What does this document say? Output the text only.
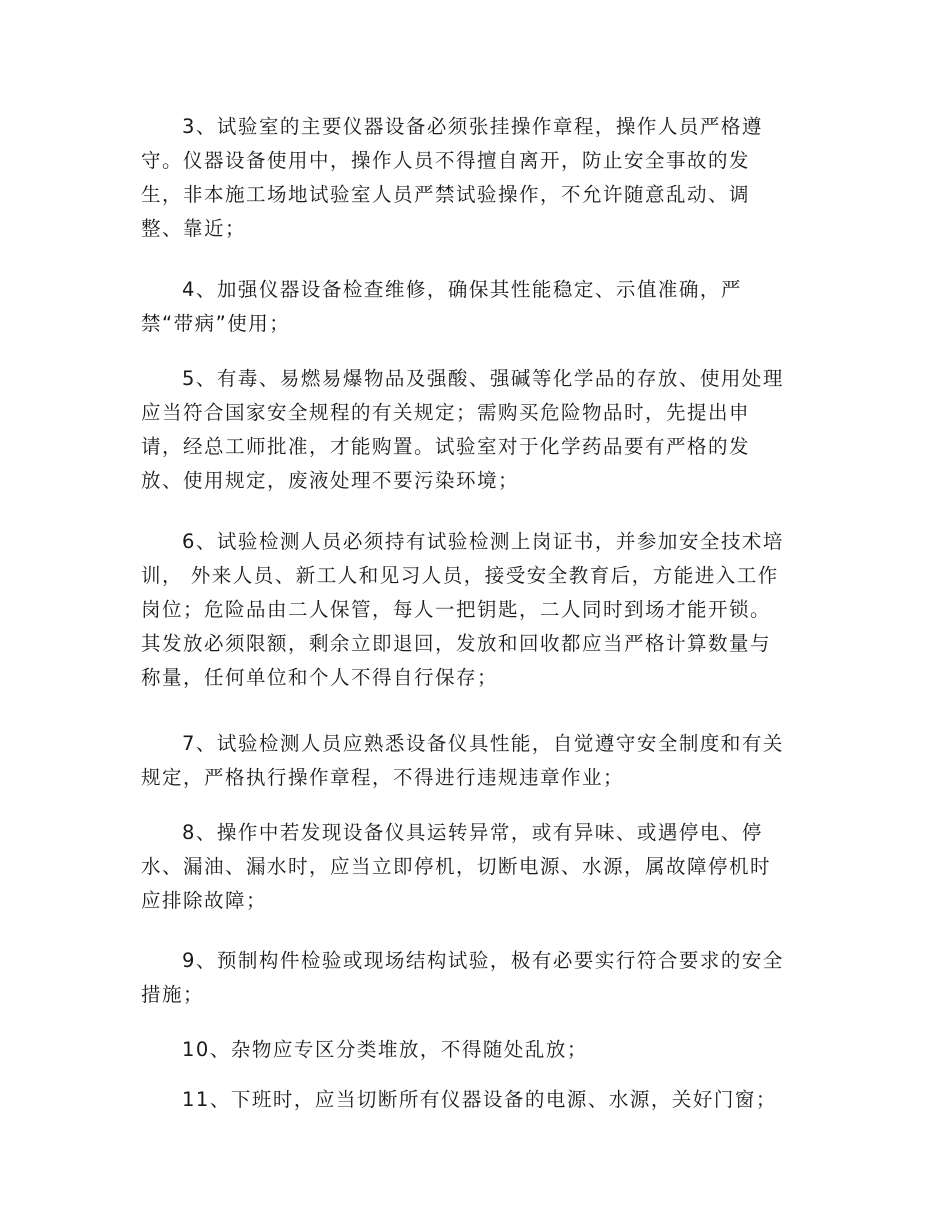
3、试验室的主要仪器设备必须张挂操作章程，操作人员严格遵
守。仪器设备使用中，操作人员不得擅自离开，防止安全事故的发
生，非本施工场地试验室人员严禁试验操作，不允许随意乱动、调
整、靠近；
4、加强仪器设备检查维修，确保其性能稳定、示值准确，严
禁“带病”使用；
5、有毒、易燃易爆物品及强酸、强碱等化学品的存放、使用处理
应当符合国家安全规程的有关规定；需购买危险物品时，先提出申
请，经总工师批准，才能购置。试验室对于化学药品要有严格的发
放、使用规定，废液处理不要污染环境；
6、试验检测人员必须持有试验检测上岗证书，并参加安全技术培
训， 外来人员、新工人和见习人员，接受安全教育后，方能进入工作
岗位；危险品由二人保管，每人一把钥匙，二人同时到场才能开锁。
其发放必须限额，剩余立即退回，发放和回收都应当严格计算数量与
称量，任何单位和个人不得自行保存；
7、试验检测人员应熟悉设备仪具性能，自觉遵守安全制度和有关
规定，严格执行操作章程，不得进行违规违章作业；
8、操作中若发现设备仪具运转异常，或有异味、或遇停电、停
水、漏油、漏水时，应当立即停机，切断电源、水源，属故障停机时
应排除故障；
9、预制构件检验或现场结构试验，极有必要实行符合要求的安全
措施；
10、杂物应专区分类堆放，不得随处乱放；
11、下班时，应当切断所有仪器设备的电源、水源，关好门窗；
